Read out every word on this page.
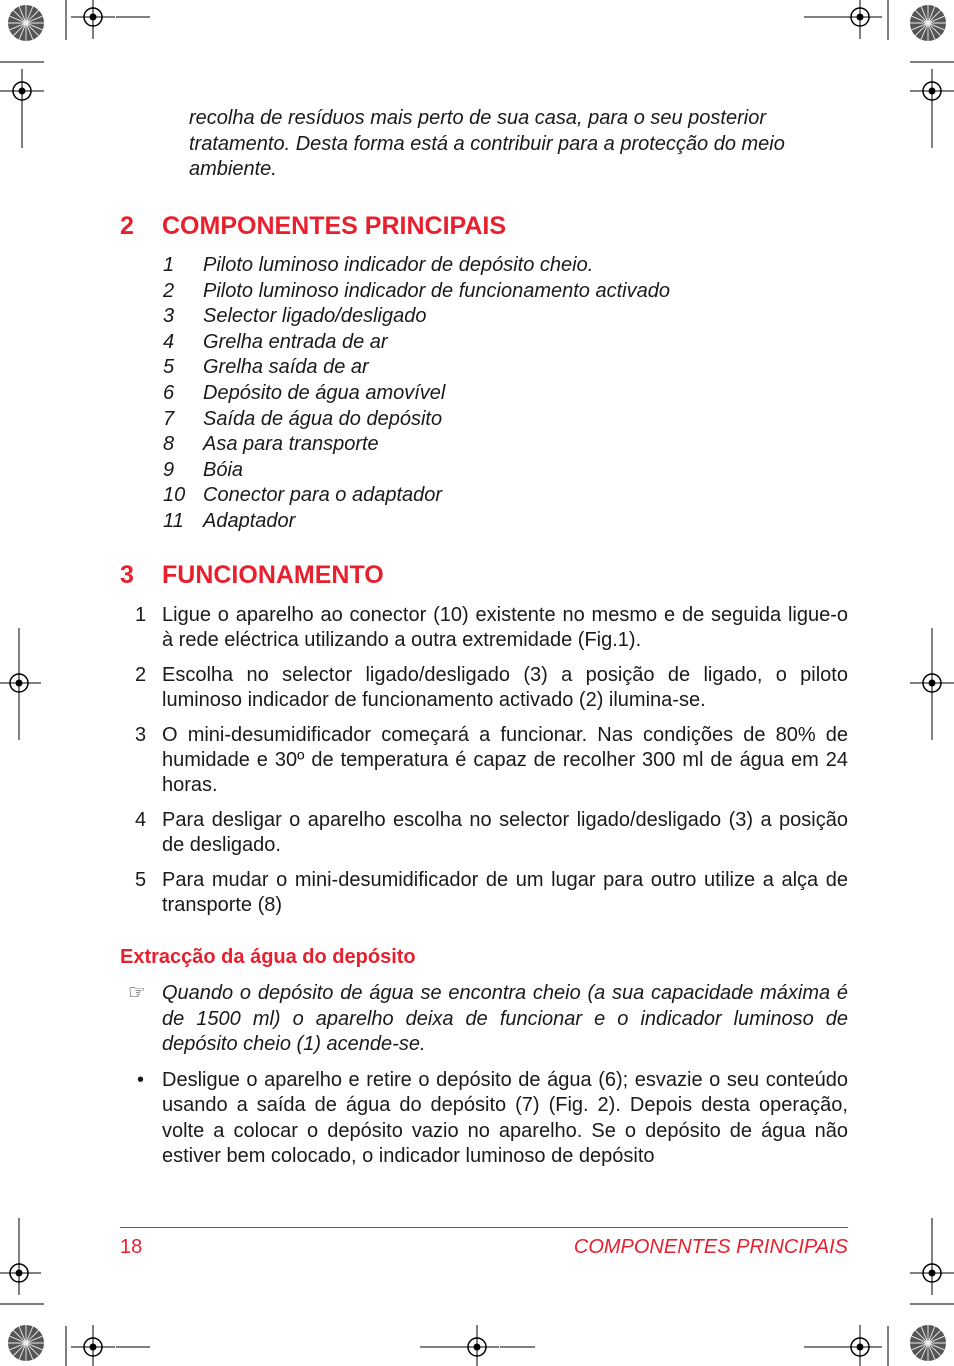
recolha de resíduos mais perto de sua casa, para o seu posterior
tratamento. Desta forma está a contribuir para a protecção do meio
ambiente.
2 COMPONENTES PRINCIPAIS
1 Piloto luminoso indicador de depósito cheio.
2 Piloto luminoso indicador de funcionamento activado
3 Selector ligado/desligado
4 Grelha entrada de ar
5 Grelha saída de ar
6 Depósito de água amovível
7 Saída de água do depósito
8 Asa para transporte
9 Bóia
10 Conector para o adaptador
11 Adaptador
3 FUNCIONAMENTO
1 Ligue o aparelho ao conector (10) existente no mesmo e de seguida ligue-o à rede eléctrica utilizando a outra extremidade (Fig.1).
2 Escolha no selector ligado/desligado (3) a posição de ligado, o piloto luminoso indicador de funcionamento activado (2) ilumina-se.
3 O mini-desumidificador começará a funcionar. Nas condições de 80% de humidade e 30º de temperatura é capaz de recolher 300 ml de água em 24 horas.
4 Para desligar o aparelho escolha no selector ligado/desligado (3) a posição de desligado.
5 Para mudar o mini-desumidificador de um lugar para outro utilize a alça de transporte (8)
Extracção da água do depósito
☞ Quando o depósito de água se encontra cheio (a sua capacidade máxima é de 1500 ml) o aparelho deixa de funcionar e o indicador luminoso de depósito cheio (1) acende-se.
• Desligue o aparelho e retire o depósito de água (6); esvazie o seu conteúdo usando a saída de água do depósito (7) (Fig. 2). Depois desta operação, volte a colocar o depósito vazio no aparelho. Se o depósito de água não estiver bem colocado, o indicador luminoso de depósito
18	COMPONENTES PRINCIPAIS
